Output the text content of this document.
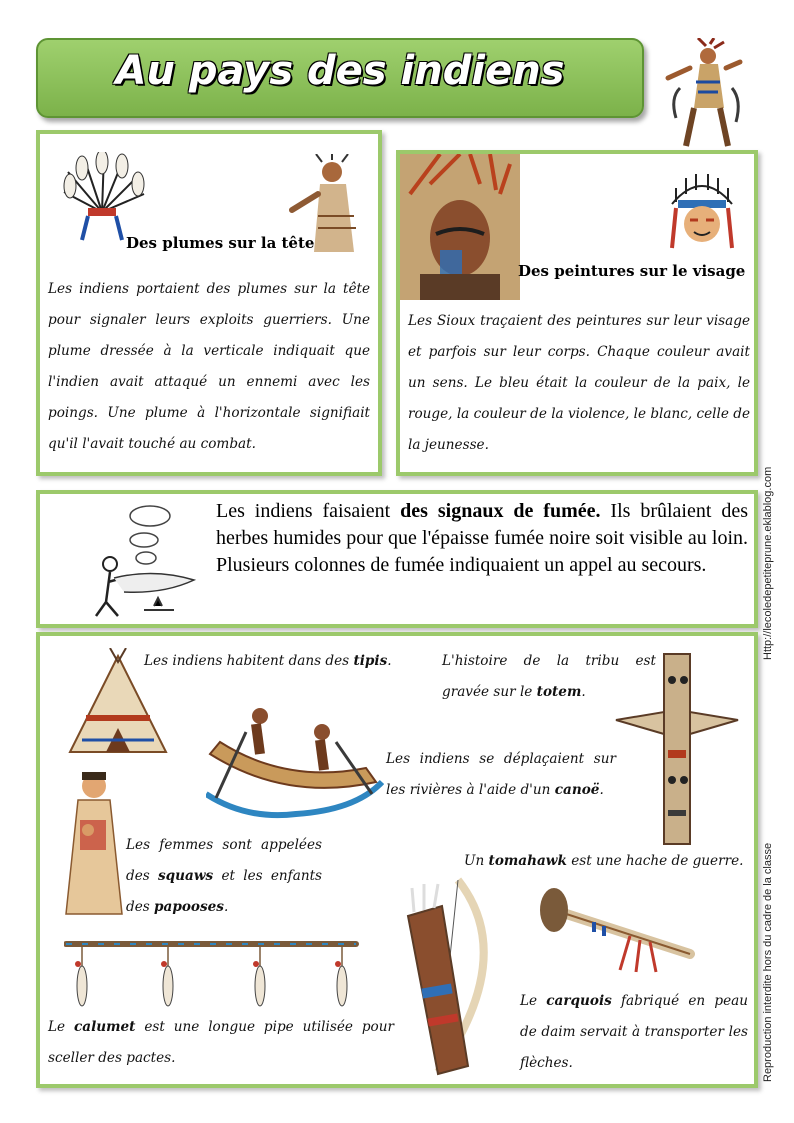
Au pays des indiens
Des plumes sur la tête
Les indiens portaient des plumes sur la tête pour signaler leurs exploits guerriers. Une plume dressée à la verticale indiquait que l'indien avait attaqué un ennemi avec les poings. Une plume à l'horizontale signifiait qu'il l'avait touché au combat.
Des peintures sur le visage
Les Sioux traçaient des peintures sur leur visage et parfois sur leur corps. Chaque couleur avait un sens. Le bleu était la couleur de la paix, le rouge, la couleur de la violence, le blanc, celle de la jeunesse.
Les indiens faisaient des signaux de fumée. Ils brûlaient des herbes humides pour que l'épaisse fumée noire soit visible au loin. Plusieurs colonnes de fumée indiquaient un appel au secours.
Les indiens habitent dans des tipis.	L'histoire de la tribu est gravée sur le totem.
Les indiens se déplaçaient sur les rivières à l'aide d'un canoë.
Les femmes sont appelées des squaws et les enfants des papooses.
Un tomahawk est une hache de guerre.
Le calumet est une longue pipe utilisée pour sceller des pactes.
Le carquois fabriqué en peau de daim servait à transporter les flèches.
Http://lecoledepetiteprune.eklablog.com
Reproduction interdite hors du cadre de la classe
